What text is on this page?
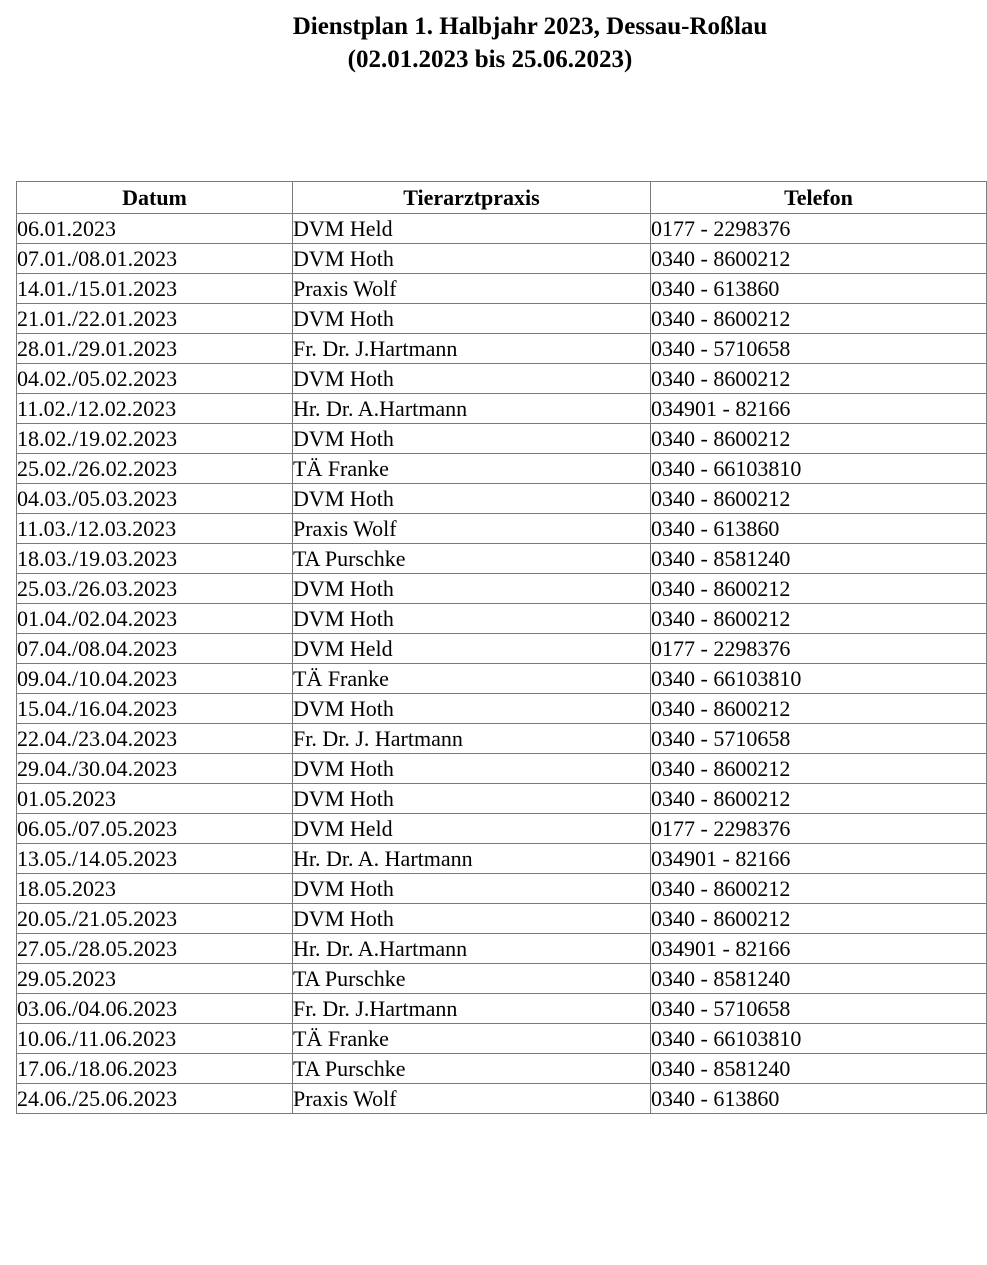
Dienstplan 1. Halbjahr 2023, Dessau-Roßlau
(02.01.2023 bis 25.06.2023)
Datum	Tierarztpraxis	Telefon
06.01.2023	DVM Held	0177 - 2298376
07.01./08.01.2023	DVM Hoth	0340 - 8600212
14.01./15.01.2023	Praxis Wolf	0340 - 613860
21.01./22.01.2023	DVM Hoth	0340 - 8600212
28.01./29.01.2023	Fr. Dr. J.Hartmann	0340 - 5710658
04.02./05.02.2023	DVM Hoth	0340 - 8600212
11.02./12.02.2023	Hr. Dr. A.Hartmann	034901 - 82166
18.02./19.02.2023	DVM Hoth	0340 - 8600212
25.02./26.02.2023	TÄ Franke	0340 - 66103810
04.03./05.03.2023	DVM Hoth	0340 - 8600212
11.03./12.03.2023	Praxis Wolf	0340 - 613860
18.03./19.03.2023	TA Purschke	0340 - 8581240
25.03./26.03.2023	DVM Hoth	0340 - 8600212
01.04./02.04.2023	DVM Hoth	0340 - 8600212
07.04./08.04.2023	DVM Held	0177 - 2298376
09.04./10.04.2023	TÄ Franke	0340 - 66103810
15.04./16.04.2023	DVM Hoth	0340 - 8600212
22.04./23.04.2023	Fr. Dr. J. Hartmann	0340 - 5710658
29.04./30.04.2023	DVM Hoth	0340 - 8600212
01.05.2023	DVM Hoth	0340 - 8600212
06.05./07.05.2023	DVM Held	0177 - 2298376
13.05./14.05.2023	Hr. Dr. A. Hartmann	034901 - 82166
18.05.2023	DVM Hoth	0340 - 8600212
20.05./21.05.2023	DVM Hoth	0340 - 8600212
27.05./28.05.2023	Hr. Dr. A.Hartmann	034901 - 82166
29.05.2023	TA Purschke	0340 - 8581240
03.06./04.06.2023	Fr. Dr. J.Hartmann	0340 - 5710658
10.06./11.06.2023	TÄ Franke	0340 - 66103810
17.06./18.06.2023	TA Purschke	0340 - 8581240
24.06./25.06.2023	Praxis Wolf	0340 - 613860
